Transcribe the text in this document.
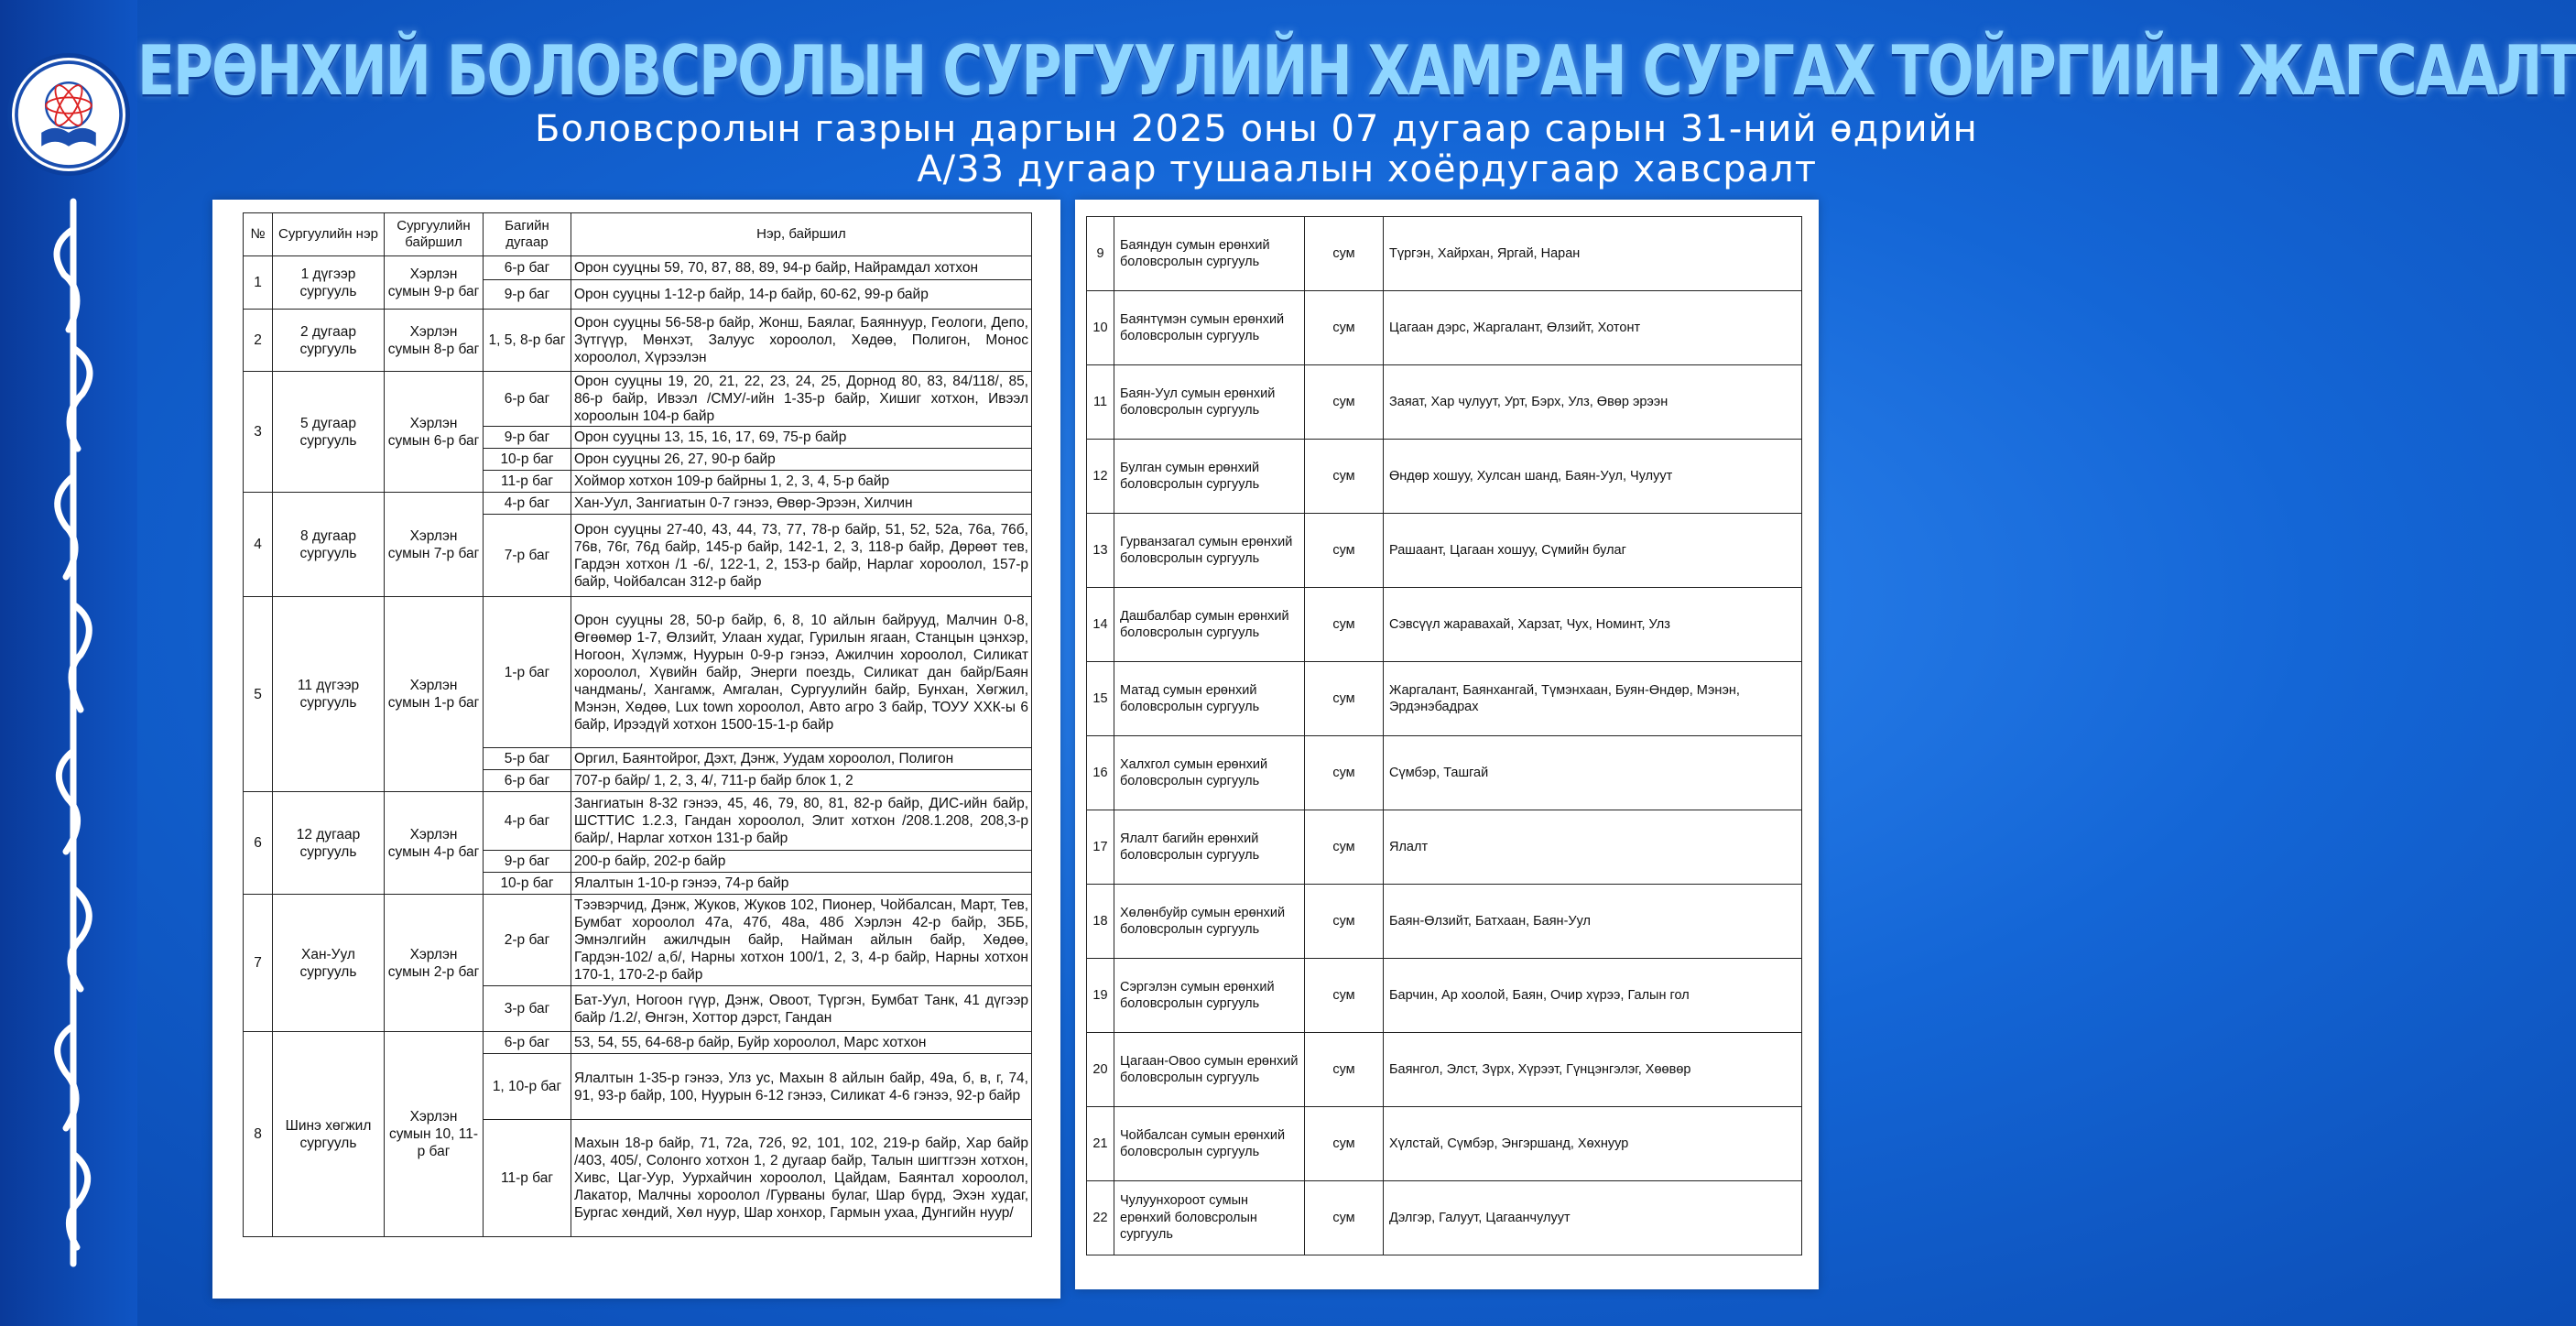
ЕРӨНХИЙ БОЛОВСРОЛЫН СУРГУУЛИЙН ХАМРАН СУРГАХ ТОЙРГИЙН ЖАГСААЛТ
Боловсролын газрын даргын 2025 оны 07 дугаар сарын 31-ний өдрийн
А/33 дугаар тушаалын хоёрдугаар хавсралт
№	Сургуулийн нэр	Сургуулийн байршил	Багийн дугаар	Нэр, байршил
1	1 дүгээр сургууль	Хэрлэн сумын 9-р баг	6-р баг	Орон сууцны 59, 70, 87, 88, 89, 94-р байр, Найрамдал хотхон
			9-р баг	Орон сууцны 1-12-р байр, 14-р байр, 60-62, 99-р байр
2	2 дугаар сургууль	Хэрлэн сумын 8-р баг	1, 5, 8-р баг	Орон сууцны 56-58-р байр, Жонш, Баялаг, Баяннуур, Геологи, Депо, Зүтгүүр, Мөнхэт, Залуус хороолол, Хөдөө, Полигон, Монос хороолол, Хүрээлэн
3	5 дугаар сургууль	Хэрлэн сумын 6-р баг	6-р баг	Орон сууцны 19, 20, 21, 22, 23, 24, 25, Дорнод 80, 83, 84/118/, 85, 86-р байр, Ивээл /СМУ/-ийн 1-35-р байр, Хишиг хотхон, Ивээл хороолын 104-р байр
			9-р баг	Орон сууцны 13, 15, 16, 17, 69, 75-р байр
			10-р баг	Орон сууцны 26, 27, 90-р байр
			11-р баг	Хоймор хотхон 109-р байрны 1, 2, 3, 4, 5-р байр
4	8 дугаар сургууль	Хэрлэн сумын 7-р баг	4-р баг	Хан-Уул, Зангиатын 0-7 гэнээ, Өвөр-Эрээн, Хилчин
			7-р баг	Орон сууцны 27-40, 43, 44, 73, 77, 78-р байр, 51, 52, 52а, 76а, 76б, 76в, 76г, 76д байр, 145-р байр, 142-1, 2, 3, 118-р байр, Дөрөөт тев, Гардэн хотхон /1 -6/, 122-1, 2, 153-р байр, Нарлаг хороолол, 157-р байр, Чойбалсан 312-р байр
5	11 дүгээр сургууль	Хэрлэн сумын 1-р баг	1-р баг	Орон сууцны 28, 50-р байр, 6, 8, 10 айлын байрууд, Малчин 0-8, Өгөөмөр 1-7, Өлзийт, Улаан худаг, Гурилын ягаан, Станцын цэнхэр, Ногоон, Хүлэмж, Нуурын 0-9-р гэнээ, Ажилчин хороолол, Силикат хороолол, Хүвийн байр, Энерги поездь, Силикат дан байр/Баян чандмань/, Хангамж, Амгалан, Сургуулийн байр, Бунхан, Хөгжил, Мэнэн, Хөдөө, Lux town хороолол, Авто агро 3 байр, ТОУУ ХХК-ы 6 байр, Ирээдүй хотхон 1500-15-1-р байр
			5-р баг	Оргил, Баянтойрог, Дэхт, Дэнж, Уудам хороолол, Полигон
			6-р баг	707-р байр/ 1, 2, 3, 4/, 711-р байр блок 1, 2
6	12 дугаар сургууль	Хэрлэн сумын 4-р баг	4-р баг	Зангиатын 8-32 гэнээ, 45, 46, 79, 80, 81, 82-р байр, ДИС-ийн байр, ШСТТИС 1.2.3, Гандан хороолол, Элит хотхон /208.1.208, 208,3-р байр/, Нарлаг хотхон 131-р байр
			9-р баг	200-р байр, 202-р байр
			10-р баг	Ялалтын 1-10-р гэнээ, 74-р байр
7	Хан-Уул сургууль	Хэрлэн сумын 2-р баг	2-р баг	Тээвэрчид, Дэнж, Жуков, Жуков 102, Пионер, Чойбалсан, Март, Тев, Бумбат хороолол 47а, 47б, 48а, 48б Хэрлэн 42-р байр, ЗББ, Эмнэлгийн ажилчдын байр, Найман айлын байр, Хөдөө, Гардэн-102/ а,б/, Нарны хотхон 100/1, 2, 3, 4-р байр, Нарны хотхон 170-1, 170-2-р байр
			3-р баг	Бат-Уул, Ногоон гүүр, Дэнж, Овоот, Түргэн, Бумбат Танк, 41 дүгээр байр /1.2/, Өнгэн, Хоттор дэрст, Гандан
8	Шинэ хөгжил сургууль	Хэрлэн сумын 10, 11-р баг	6-р баг	53, 54, 55, 64-68-р байр, Буйр хороолол, Марс хотхон
			1, 10-р баг	Ялалтын 1-35-р гэнээ, Улз ус, Махын 8 айлын байр, 49а, б, в, г, 74, 91, 93-р байр, 100, Нуурын 6-12 гэнээ, Силикат 4-6 гэнээ, 92-р байр
			11-р баг	Махын 18-р байр, 71, 72а, 72б, 92, 101, 102, 219-р байр, Хар байр /403, 405/, Солонго хотхон 1, 2 дугаар байр, Талын шигтгээн хотхон, Хивс, Цаг-Уур, Уурхайчин хороолол, Цайдам, Баянтал хороолол, Лакатор, Малчны хороолол /Гурваны булаг, Шар бүрд, Эхэн худаг, Бургас хөндий, Хөл нуур, Шар хонхор, Гармын ухаа, Дунгийн нуур/
9	Баяндун сумын ерөнхий боловсролын сургууль	сум	Түргэн, Хайрхан, Яргай, Наран
10	Баянтүмэн сумын ерөнхий боловсролын сургууль	сум	Цагаан дэрс, Жаргалант, Өлзийт, Хотонт
11	Баян-Уул сумын ерөнхий боловсролын сургууль	сум	Заяат, Хар чулуут, Урт, Бэрх, Улз, Өвөр эрээн
12	Булган сумын ерөнхий боловсролын сургууль	сум	Өндөр хошуу, Хулсан шанд, Баян-Уул, Чулуут
13	Гурванзагал сумын ерөнхий боловсролын сургууль	сум	Рашаант, Цагаан хошуу, Сүмийн булаг
14	Дашбалбар сумын ерөнхий боловсролын сургууль	сум	Сэвсүүл жаравахай, Харзат, Чух, Номинт, Улз
15	Матад сумын ерөнхий боловсролын сургууль	сум	Жаргалант, Баянхангай, Түмэнхаан, Буян-Өндөр, Мэнэн, Эрдэнэбадрах
16	Халхгол сумын ерөнхий боловсролын сургууль	сум	Сүмбэр, Ташгай
17	Ялалт багийн ерөнхий боловсролын сургууль	сум	Ялалт
18	Хөлөнбуйр сумын ерөнхий боловсролын сургууль	сум	Баян-Өлзийт, Батхаан, Баян-Уул
19	Сэргэлэн сумын ерөнхий боловсролын сургууль	сум	Барчин, Ар хоолой, Баян, Очир хүрээ, Галын гол
20	Цагаан-Овоо сумын ерөнхий боловсролын сургууль	сум	Баянгол, Элст, Зүрх, Хүрээт, Гүнцэнгэлэг, Хөөвөр
21	Чойбалсан сумын ерөнхий боловсролын сургууль	сум	Хүлстай, Сүмбэр, Энгэршанд, Хөхнуур
22	Чулуунхороот сумын ерөнхий боловсролын сургууль	сум	Дэлгэр, Галуут, Цагаанчулуут
